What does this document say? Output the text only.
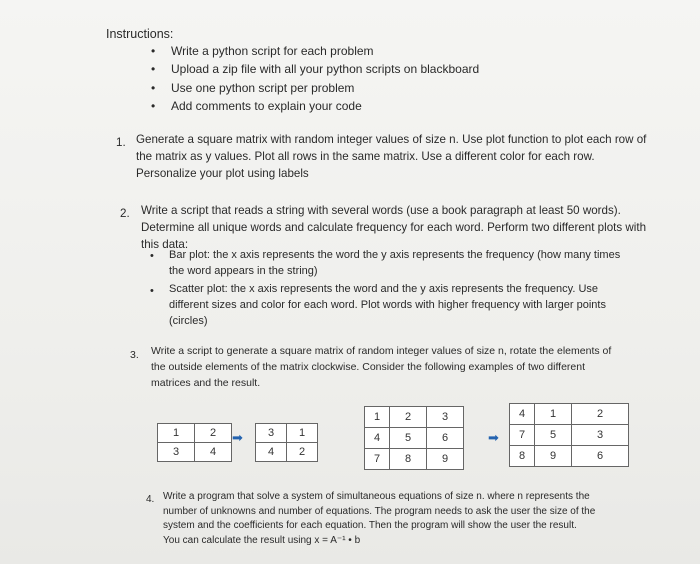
Instructions:
• Write a python script for each problem
• Upload a zip file with all your python scripts on blackboard
• Use one python script per problem
• Add comments to explain your code
1. Generate a square matrix with random integer values of size n. Use plot function to plot each row of
the matrix as y values. Plot all rows in the same matrix. Use a different color for each row.
Personalize your plot using labels
2. Write a script that reads a string with several words (use a book paragraph at least 50 words).
Determine all unique words and calculate frequency for each word. Perform two different plots with
this data:
• Bar plot: the x axis represents the word the y axis represents the frequency (how many times
the word appears in the string)
• Scatter plot: the x axis represents the word and the y axis represents the frequency. Use
different sizes and color for each word. Plot words with higher frequency with larger points
(circles)
3. Write a script to generate a square matrix of random integer values of size n, rotate the elements of
the outside elements of the matrix clockwise. Consider the following examples of two different
matrices and the result.
1	2
3	4
➡ 3	1
4	2
1	2	3
4	5	6
7	8	9
➡
4	1	2
7	5	3
8	9	6
4. Write a program that solve a system of simultaneous equations of size n. where n represents the
number of unknowns and number of equations. The program needs to ask the user the size of the
system and the coefficients for each equation. Then the program will show the user the result.
You can calculate the result using x = A⁻¹ • b
